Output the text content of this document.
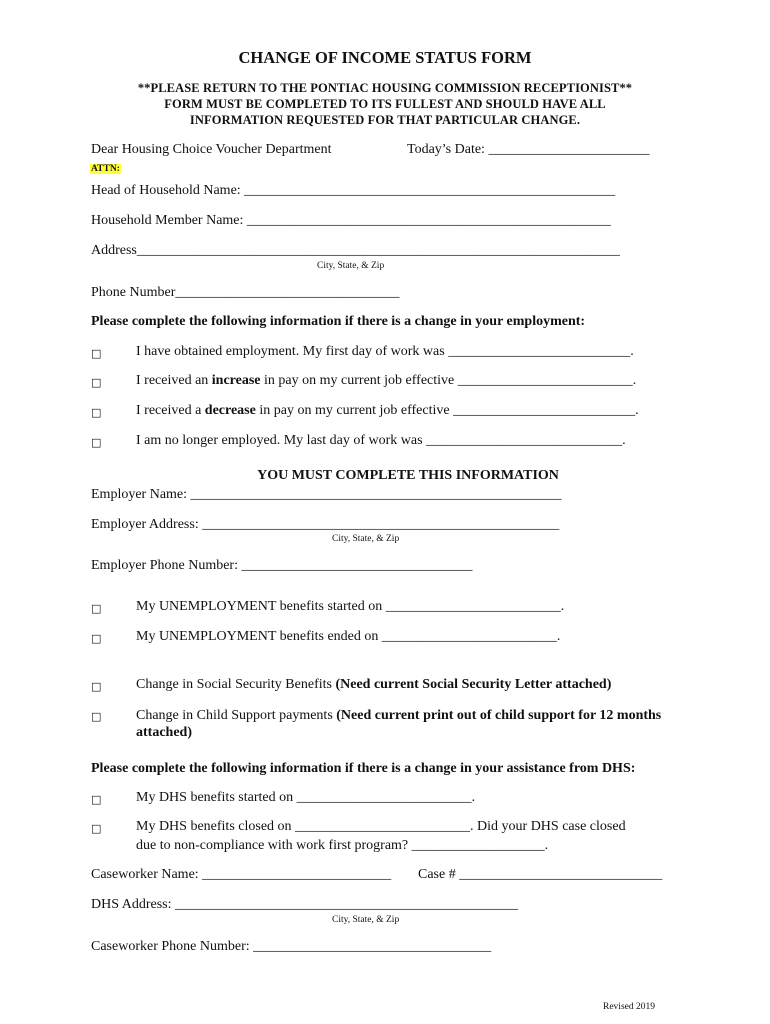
CHANGE OF INCOME STATUS FORM
**PLEASE RETURN TO THE PONTIAC HOUSING COMMISSION RECEPTIONIST**
FORM MUST BE COMPLETED TO ITS FULLEST AND SHOULD HAVE ALL
INFORMATION REQUESTED FOR THAT PARTICULAR CHANGE.
Dear Housing Choice Voucher Department	Today’s Date: _______________________
ATTN:
Head of Household Name: _____________________________________________________
Household Member Name: ____________________________________________________
Address_____________________________________________________________________
City, State, & Zip
Phone Number________________________________
Please complete the following information if there is a change in your employment:
□ I have obtained employment. My first day of work was __________________________.
□ I received an increase in pay on my current job effective _________________________.
□ I received a decrease in pay on my current job effective __________________________.
□ I am no longer employed. My last day of work was ____________________________.
YOU MUST COMPLETE THIS INFORMATION
Employer Name: _____________________________________________________
Employer Address: ___________________________________________________
City, State, & Zip
Employer Phone Number: _________________________________
□ My UNEMPLOYMENT benefits started on _________________________.
□ My UNEMPLOYMENT benefits ended on _________________________.
□ Change in Social Security Benefits (Need current Social Security Letter attached)
□ Change in Child Support payments (Need current print out of child support for 12 months attached)
Please complete the following information if there is a change in your assistance from DHS:
□ My DHS benefits started on _________________________.
□ My DHS benefits closed on _________________________. Did your DHS case closed
due to non-compliance with work first program? ___________________.
Caseworker Name: ___________________________ Case # _____________________________
DHS Address: _________________________________________________
City, State, & Zip
Caseworker Phone Number: __________________________________
Revised 2019
